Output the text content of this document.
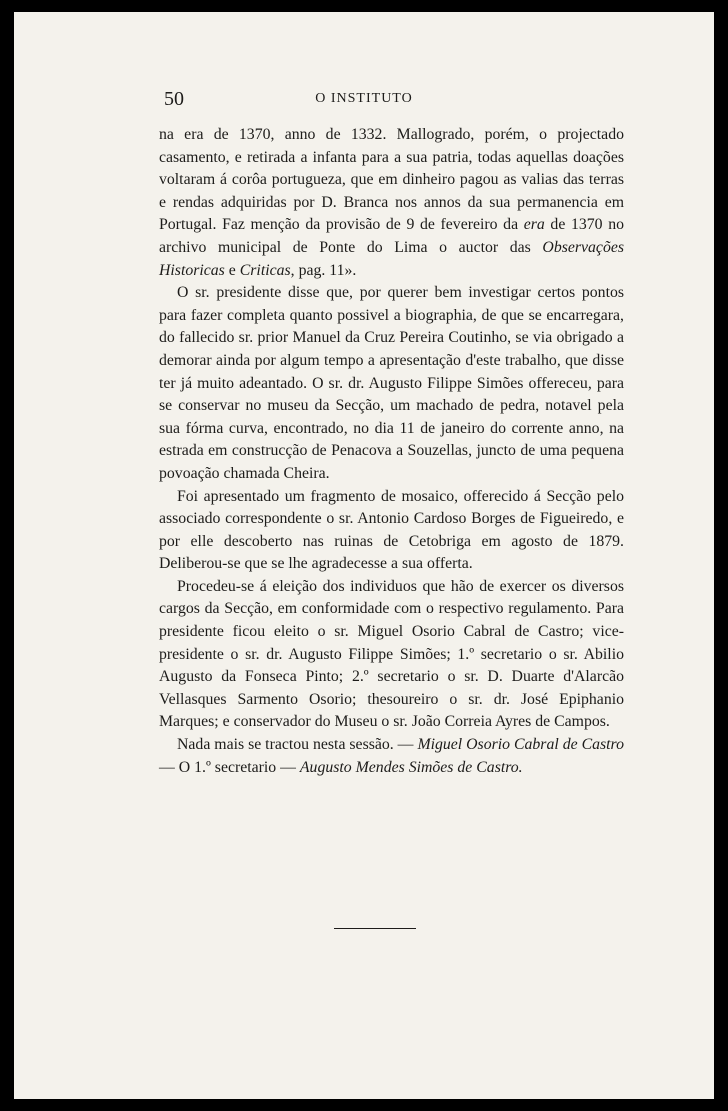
50	O INSTITUTO

na era de 1370, anno de 1332. Mallogrado, porém, o projectado casamento, e retirada a infanta para a sua patria, todas aquellas doações voltaram á corôa portugueza, que em dinheiro pagou as valias das terras e rendas adquiridas por D. Branca nos annos da sua permanencia em Portugal. Faz menção da provisão de 9 de fevereiro da era de 1370 no archivo municipal de Ponte do Lima o auctor das Observações Historicas e Criticas, pag. 11».

O sr. presidente disse que, por querer bem investigar certos pontos para fazer completa quanto possivel a biographia, de que se encarregara, do fallecido sr. prior Manuel da Cruz Pereira Coutinho, se via obrigado a demorar ainda por algum tempo a apresentação d'este trabalho, que disse ter já muito adeantado. O sr. dr. Augusto Filippe Simões offereceu, para se conservar no museu da Secção, um machado de pedra, notavel pela sua fórma curva, encontrado, no dia 11 de janeiro do corrente anno, na estrada em construcção de Penacova a Souzellas, juncto de uma pequena povoação chamada Cheira.

Foi apresentado um fragmento de mosaico, offerecido á Secção pelo associado correspondente o sr. Antonio Cardoso Borges de Figueiredo, e por elle descoberto nas ruinas de Cetobriga em agosto de 1879. Deliberou-se que se lhe agradecesse a sua offerta.

Procedeu-se á eleição dos individuos que hão de exercer os diversos cargos da Secção, em conformidade com o respectivo regulamento. Para presidente ficou eleito o sr. Miguel Osorio Cabral de Castro; vice-presidente o sr. dr. Augusto Filippe Simões; 1.º secretario o sr. Abilio Augusto da Fonseca Pinto; 2.º secretario o sr. D. Duarte d'Alarcão Vellasques Sarmento Osorio; thesoureiro o sr. dr. José Epiphanio Marques; e conservador do Museu o sr. João Correia Ayres de Campos.

Nada mais se tractou nesta sessão. — Miguel Osorio Cabral de Castro — O 1.º secretario — Augusto Mendes Simões de Castro.
